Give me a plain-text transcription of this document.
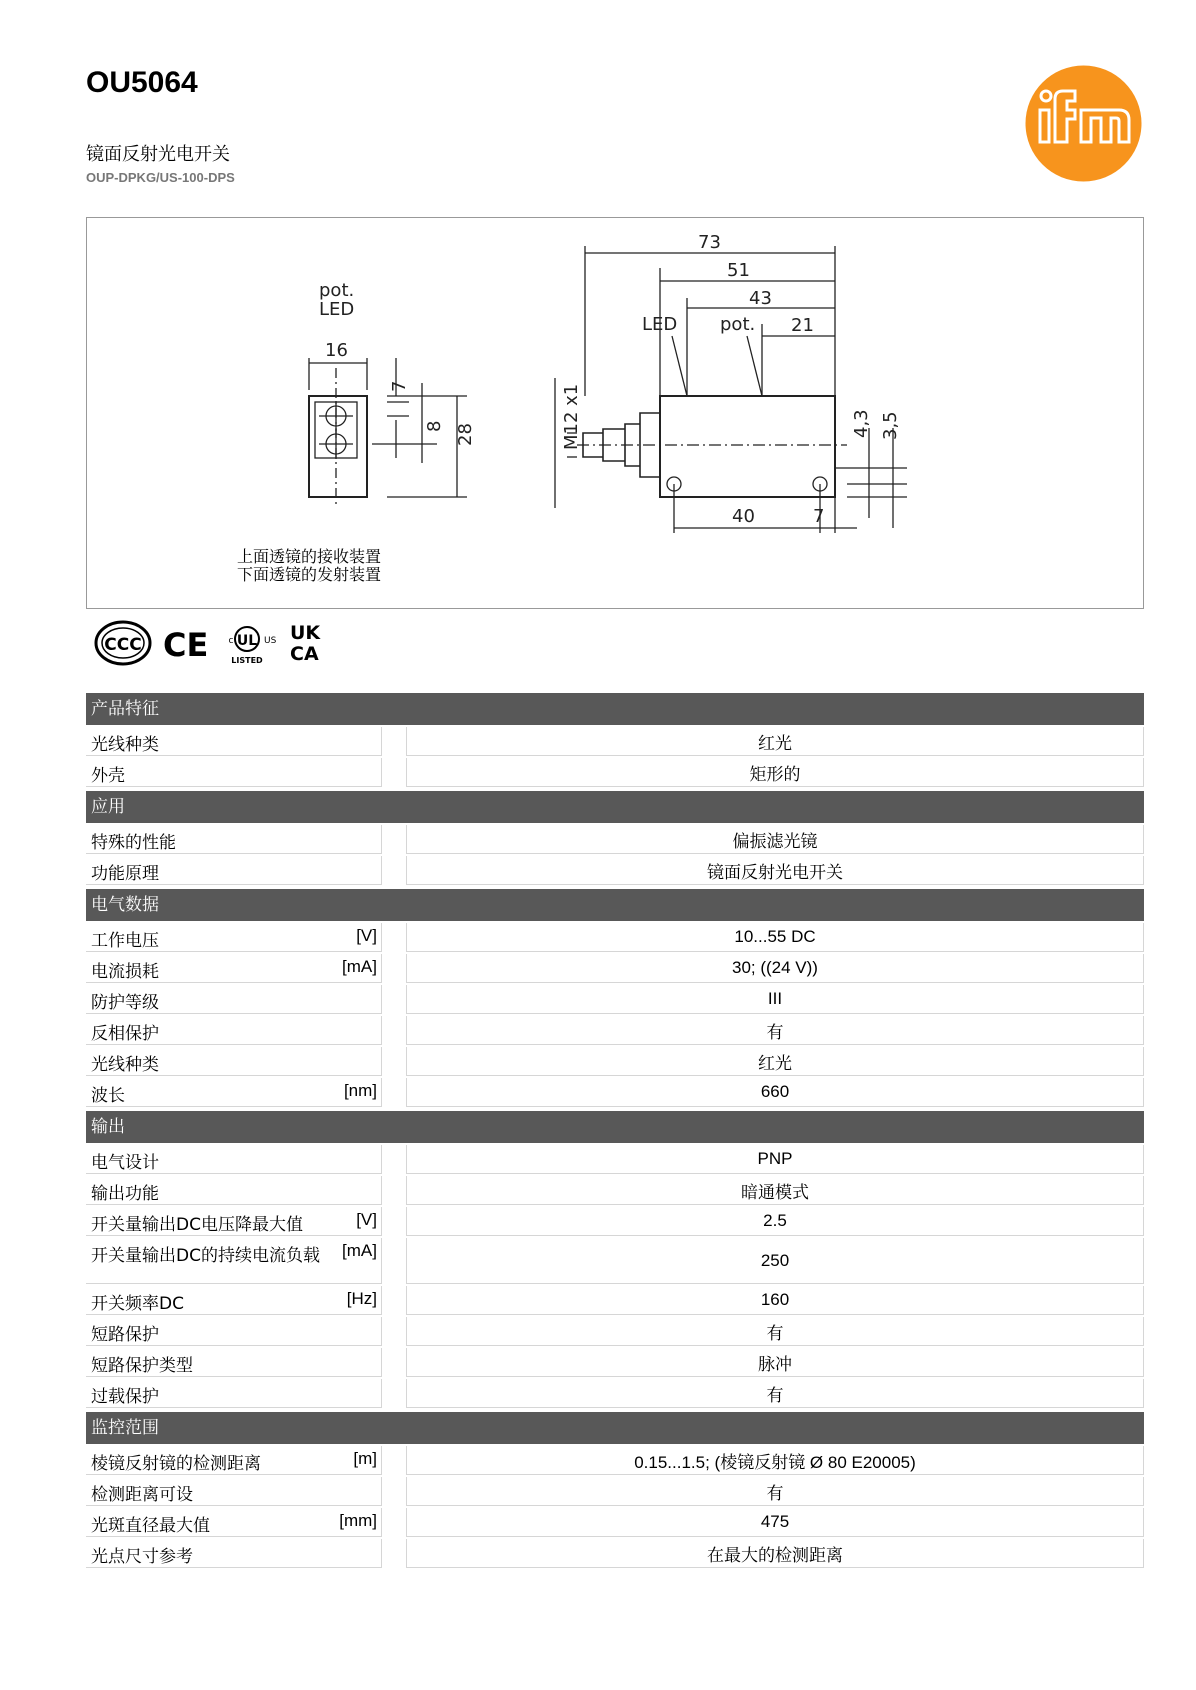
OU5064
镜面反射光电开关
OUP-DPKG/US-100-DPS
pot.
LED
16
7
8 28	M12 x1
73
51
43
LED pot. 21
40	7
4,3 3,5
上面透镜的接收装置
下面透镜的发射装置
CCC CE UL
c	US
LISTED
UK
CA
产品特征
光线种类	红光
外壳	矩形的
应用
特殊的性能	偏振滤光镜
功能原理	镜面反射光电开关
电气数据
工作电压	[V]	10...55 DC
电流损耗	[mA]	30; ((24 V))
防护等级	III
反相保护	有
光线种类	红光
波长	[nm]	660
输出
电气设计	PNP
输出功能	暗通模式
开关量输出DC电压降最大值	[V]	2.5
开关量输出DC的持续电流负载 [mA]	250
开关频率DC	[Hz]	160
短路保护	有
短路保护类型	脉冲
过载保护	有
监控范围
棱镜反射镜的检测距离	[m]	0.15...1.5; (棱镜反射镜 Ø 80 E20005)
检测距离可设	有
光斑直径最大值	[mm]	475
光点尺寸参考	在最大的检测距离
